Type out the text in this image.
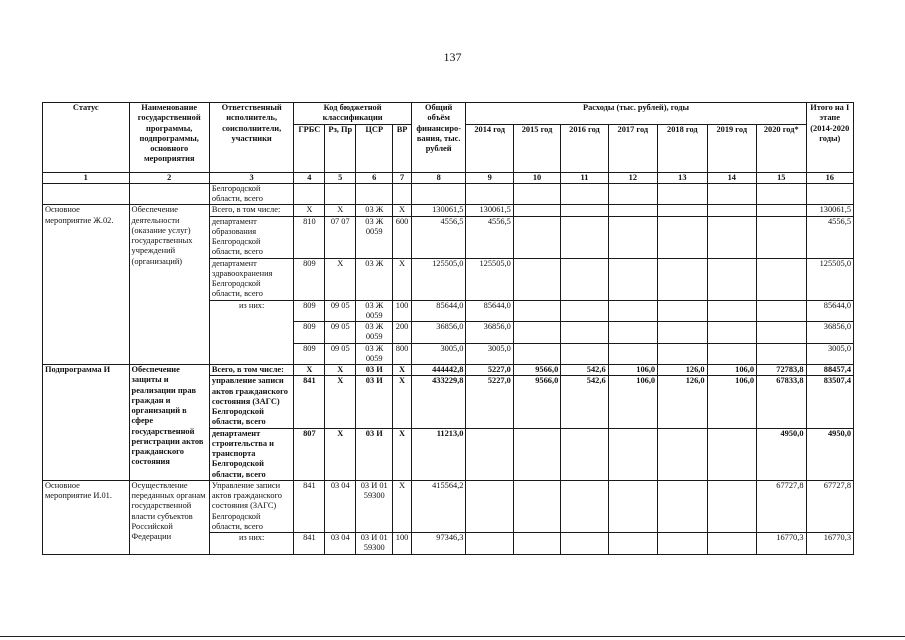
137
Статус	Наименование государственной программы, подпрограммы, основного мероприятия	Ответственный исполнитель, соисполнители, участники	Код бюджетной классификации				Общий объём финансиро-вания, тыс. рублей	Расходы (тыс. рублей), годы							Итого на I этапе (2014-2020 годы)
			ГРБС	Рз, Пр	ЦСР	ВР		2014 год	2015 год	2016 год	2017 год	2018 год	2019 год	2020 год*	
1	2	3	4	5	6	7	8	9	10	11	12	13	14	15	16
		Белгородской области, всего													
Основное мероприятие Ж.02.	Обеспечение деятельности (оказание услуг) государственных учреждений (организаций)	Всего, в том числе:	Х	Х	03 Ж	Х	130061,5	130061,5							130061,5
		департамент образования Белгородской области, всего	810	07 07	03 Ж 0059	600	4556,5	4556,5							4556,5
		департамент здравоохранения Белгородской области, всего	809	Х	03 Ж	Х	125505,0	125505,0							125505,0
		из них:	809	09 05	03 Ж 0059	100	85644,0	85644,0							85644,0
			809	09 05	03 Ж 0059	200	36856,0	36856,0							36856,0
			809	09 05	03 Ж 0059	800	3005,0	3005,0							3005,0
Подпрограмма И	Обеспечение защиты и реализации прав граждан и организаций в сфере государственной регистрации актов гражданского состояния	Всего, в том числе:	Х	Х	03 И	Х	444442,8	5227,0	9566,0	542,6	106,0	126,0	106,0	72783,8	88457,4
		управление записи актов гражданского состояния (ЗАГС) Белгородской области, всего	841	Х	03 И	Х	433229,8	5227,0	9566,0	542,6	106,0	126,0	106,0	67833,8	83507,4
		департамент строительства и транспорта Белгородской области, всего	807	Х	03 И	Х	11213,0							4950,0	4950,0
Основное мероприятие И.01.	Осуществление переданных органам государственной власти субъектов Российской Федерации	Управление записи актов гражданского состояния (ЗАГС) Белгородской области, всего	841	03 04	03 И 01 59300	Х	415564,2							67727,8	67727,8
		из них:	841	03 04	03 И 01 59300	100	97346,3							16770,3	16770,3
